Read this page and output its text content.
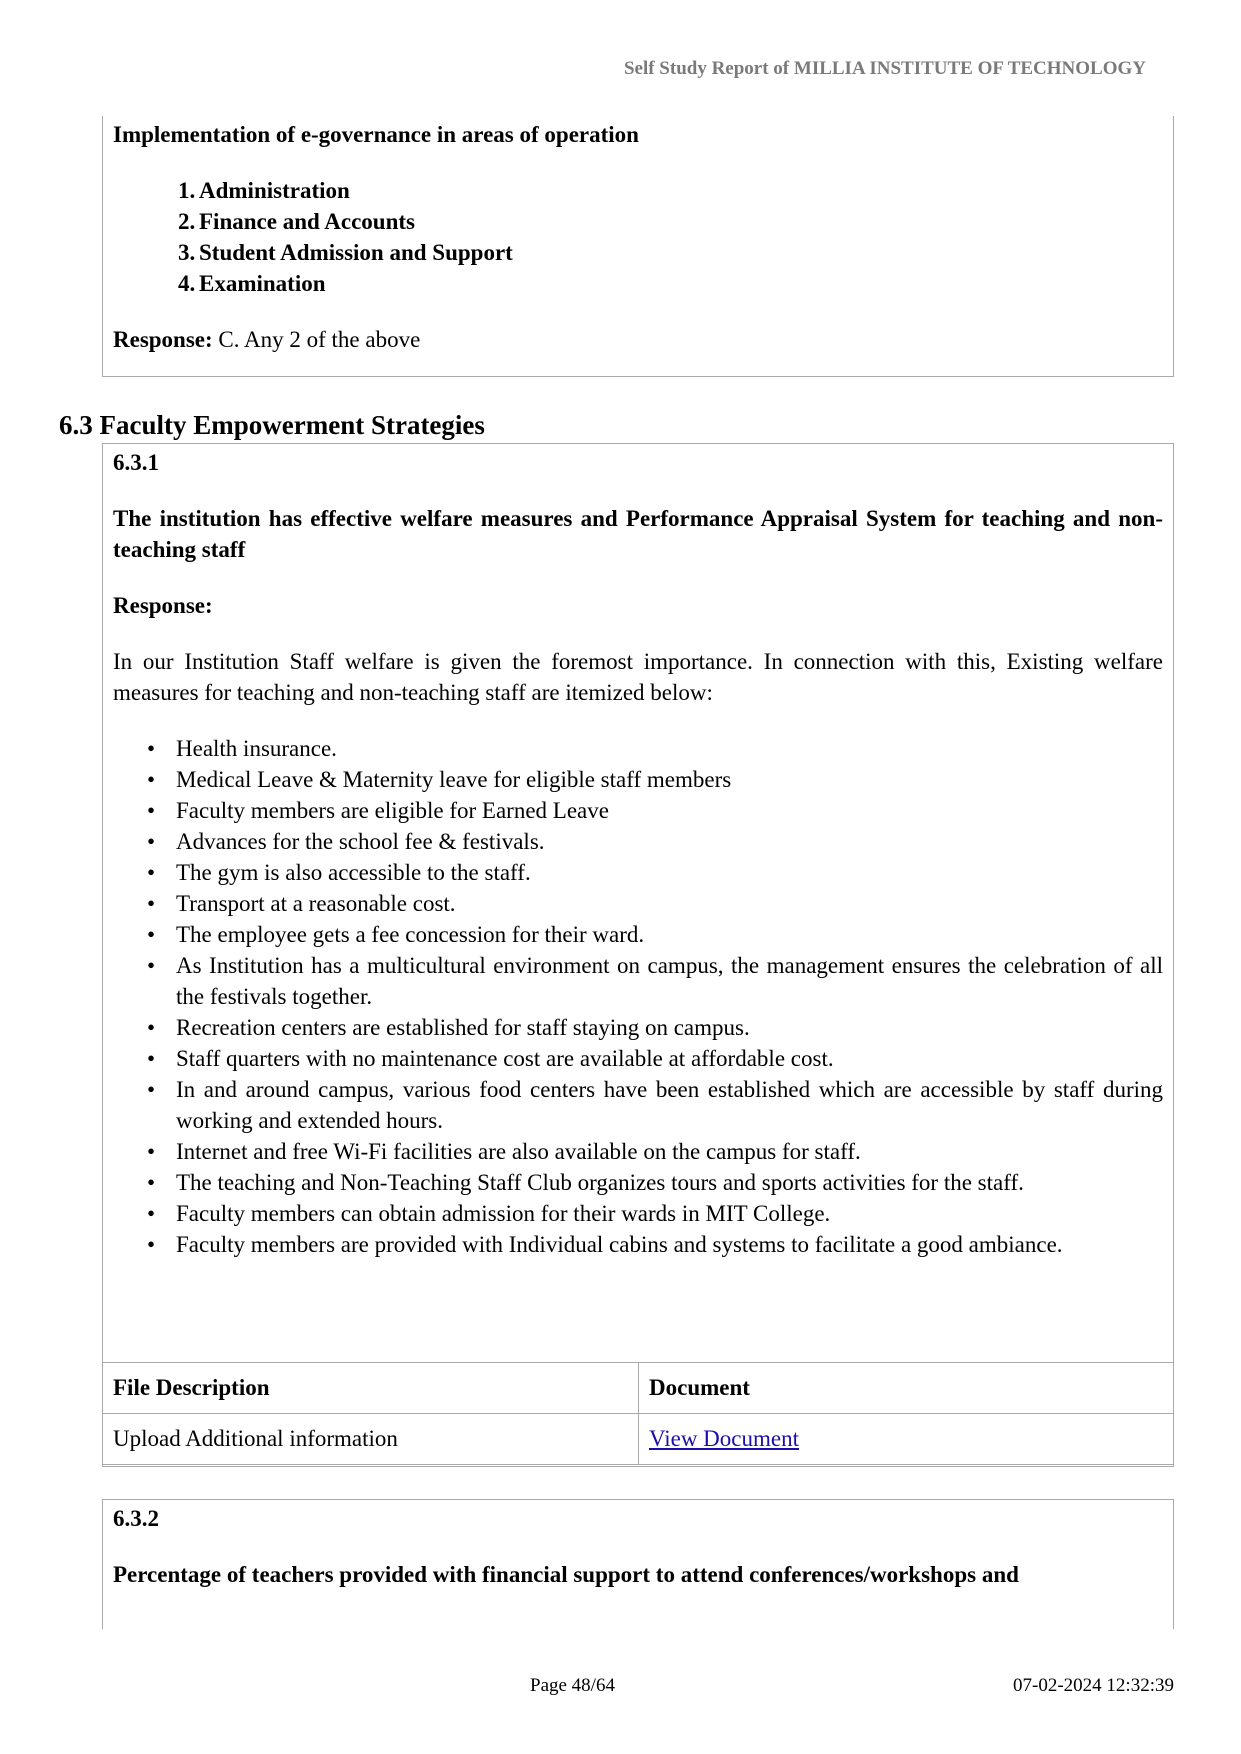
Self Study Report of MILLIA INSTITUTE OF TECHNOLOGY

Implementation of e-governance in areas of operation

1. Administration
2. Finance and Accounts
3. Student Admission and Support
4. Examination

Response: C. Any 2 of the above

6.3 Faculty Empowerment Strategies

6.3.1

The institution has effective welfare measures and Performance Appraisal System for teaching and non-teaching staff

Response:

In our Institution Staff welfare is given the foremost importance. In connection with this, Existing welfare measures for teaching and non-teaching staff are itemized below:

• Health insurance.
• Medical Leave & Maternity leave for eligible staff members
• Faculty members are eligible for Earned Leave
• Advances for the school fee & festivals.
• The gym is also accessible to the staff.
• Transport at a reasonable cost.
• The employee gets a fee concession for their ward.
• As Institution has a multicultural environment on campus, the management ensures the celebration of all the festivals together.
• Recreation centers are established for staff staying on campus.
• Staff quarters with no maintenance cost are available at affordable cost.
• In and around campus, various food centers have been established which are accessible by staff during working and extended hours.
• Internet and free Wi-Fi facilities are also available on the campus for staff.
• The teaching and Non-Teaching Staff Club organizes tours and sports activities for the staff.
• Faculty members can obtain admission for their wards in MIT College.
• Faculty members are provided with Individual cabins and systems to facilitate a good ambiance.
File Description	Document
Upload Additional information	View Document

6.3.2

Percentage of teachers provided with financial support to attend conferences/workshops and

Page 48/64	07-02-2024 12:32:39
